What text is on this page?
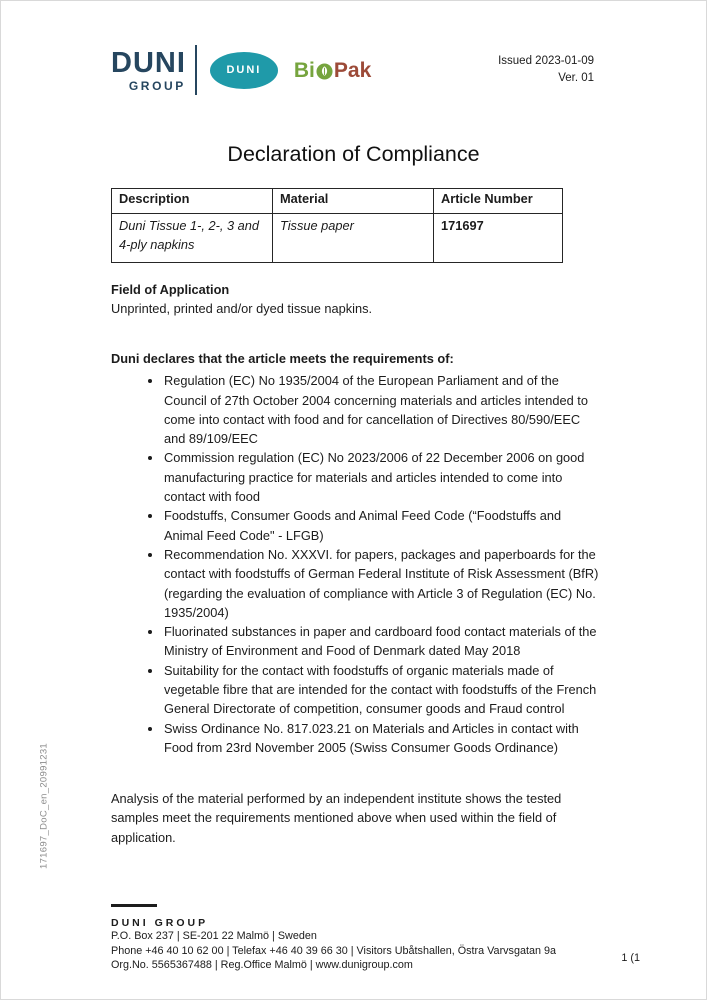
DUNI
GROUP
DUNI	Bi Pak	Issued 2023-01-09
Ver. 01
Declaration of Compliance
Description	Material	Article Number
Duni Tissue 1-, 2-, 3 and 4-ply napkins	Tissue paper	171697
Field of Application
Unprinted, printed and/or dyed tissue napkins.
Duni declares that the article meets the requirements of:
• Regulation (EC) No 1935/2004 of the European Parliament and of the Council of 27th October 2004 concerning materials and articles intended to come into contact with food and for cancellation of Directives 80/590/EEC and 89/109/EEC
• Commission regulation (EC) No 2023/2006 of 22 December 2006 on good manufacturing practice for materials and articles intended to come into contact with food
• Foodstuffs, Consumer Goods and Animal Feed Code (“Foodstuffs and Animal Feed Code" - LFGB)
• Recommendation No. XXXVI. for papers, packages and paperboards for the contact with foodstuffs of German Federal Institute of Risk Assessment (BfR) (regarding the evaluation of compliance with Article 3 of Regulation (EC) No. 1935/2004)
• Fluorinated substances in paper and cardboard food contact materials of the Ministry of Environment and Food of Denmark dated May 2018
• Suitability for the contact with foodstuffs of organic materials made of vegetable fibre that are intended for the contact with foodstuffs of the French General Directorate of competition, consumer goods and Fraud control
• Swiss Ordinance No. 817.023.21 on Materials and Articles in contact with Food from 23rd November 2005 (Swiss Consumer Goods Ordinance)
Analysis of the material performed by an independent institute shows the tested samples meet the requirements mentioned above when used within the field of application.
171697_DoC_en_20991231
DUNI GROUP
P.O. Box 237 | SE-201 22 Malmö | Sweden
Phone +46 40 10 62 00 | Telefax +46 40 39 66 30 | Visitors Ubåtshallen, Östra Varvsgatan 9a
Org.No. 5565367488 | Reg.Office Malmö | www.dunigroup.com
1 (1
